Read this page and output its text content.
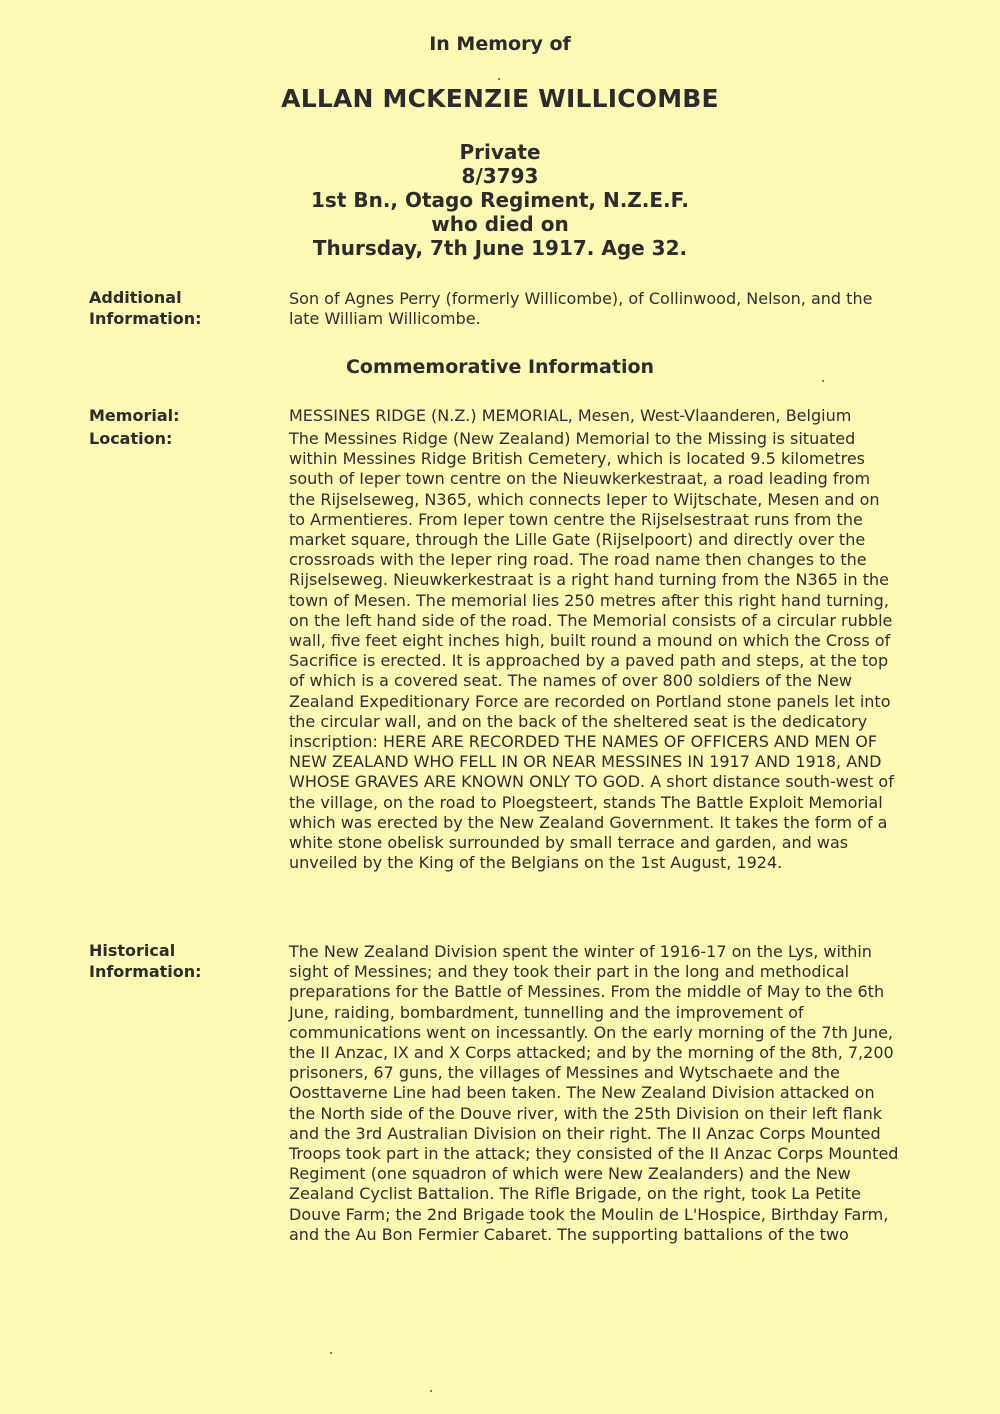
In Memory of
ALLAN MCKENZIE WILLICOMBE
Private
8/3793
1st Bn., Otago Regiment, N.Z.E.F.
who died on
Thursday, 7th June 1917. Age 32.
Additional
Information:
Son of Agnes Perry (formerly Willicombe), of Collinwood, Nelson, and the late William Willicombe.
Commemorative Information
Memorial:	MESSINES RIDGE (N.Z.) MEMORIAL, Mesen, West-Vlaanderen, Belgium
Location:	The Messines Ridge (New Zealand) Memorial to the Missing is situated within Messines Ridge British Cemetery, which is located 9.5 kilometres south of Ieper town centre on the Nieuwkerkestraat, a road leading from the Rijselseweg, N365, which connects Ieper to Wijtschate, Mesen and on to Armentieres. From Ieper town centre the Rijselsestraat runs from the market square, through the Lille Gate (Rijselpoort) and directly over the crossroads with the Ieper ring road. The road name then changes to the Rijselseweg. Nieuwkerkestraat is a right hand turning from the N365 in the town of Mesen. The memorial lies 250 metres after this right hand turning, on the left hand side of the road. The Memorial consists of a circular rubble wall, five feet eight inches high, built round a mound on which the Cross of Sacrifice is erected. It is approached by a paved path and steps, at the top of which is a covered seat. The names of over 800 soldiers of the New Zealand Expeditionary Force are recorded on Portland stone panels let into the circular wall, and on the back of the sheltered seat is the dedicatory inscription: HERE ARE RECORDED THE NAMES OF OFFICERS AND MEN OF NEW ZEALAND WHO FELL IN OR NEAR MESSINES IN 1917 AND 1918, AND WHOSE GRAVES ARE KNOWN ONLY TO GOD. A short distance south-west of the village, on the road to Ploegsteert, stands The Battle Exploit Memorial which was erected by the New Zealand Government. It takes the form of a white stone obelisk surrounded by small terrace and garden, and was unveiled by the King of the Belgians on the 1st August, 1924.
Historical
Information:
The New Zealand Division spent the winter of 1916-17 on the Lys, within sight of Messines; and they took their part in the long and methodical preparations for the Battle of Messines. From the middle of May to the 6th June, raiding, bombardment, tunnelling and the improvement of communications went on incessantly. On the early morning of the 7th June, the II Anzac, IX and X Corps attacked; and by the morning of the 8th, 7,200 prisoners, 67 guns, the villages of Messines and Wytschaete and the Oosttaverne Line had been taken. The New Zealand Division attacked on the North side of the Douve river, with the 25th Division on their left flank and the 3rd Australian Division on their right. The II Anzac Corps Mounted Troops took part in the attack; they consisted of the II Anzac Corps Mounted Regiment (one squadron of which were New Zealanders) and the New Zealand Cyclist Battalion. The Rifle Brigade, on the right, took La Petite Douve Farm; the 2nd Brigade took the Moulin de L'Hospice, Birthday Farm, and the Au Bon Fermier Cabaret. The supporting battalions of the two
